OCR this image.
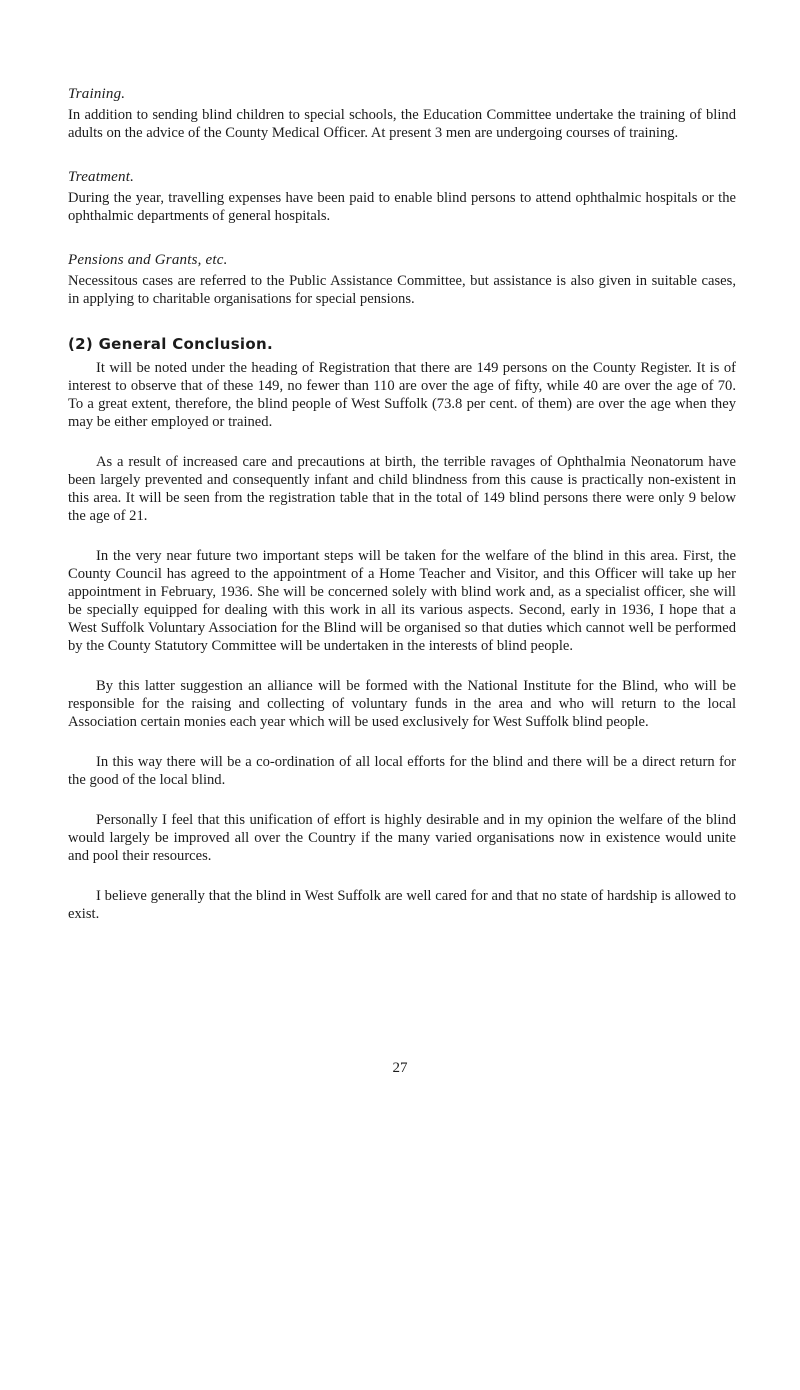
Training.

In addition to sending blind children to special schools, the Education Committee undertake the training of blind adults on the advice of the County Medical Officer. At present 3 men are undergoing courses of training.

Treatment.

During the year, travelling expenses have been paid to enable blind persons to attend ophthalmic hospitals or the ophthalmic departments of general hospitals.

Pensions and Grants, etc.

Necessitous cases are referred to the Public Assistance Committee, but assistance is also given in suitable cases, in applying to charitable organisations for special pensions.

(2) General Conclusion.

It will be noted under the heading of Registration that there are 149 persons on the County Register. It is of interest to observe that of these 149, no fewer than 110 are over the age of fifty, while 40 are over the age of 70. To a great extent, therefore, the blind people of West Suffolk (73.8 per cent. of them) are over the age when they may be either employed or trained.

As a result of increased care and precautions at birth, the terrible ravages of Ophthalmia Neonatorum have been largely prevented and consequently infant and child blindness from this cause is practically non-existent in this area. It will be seen from the registration table that in the total of 149 blind persons there were only 9 below the age of 21.

In the very near future two important steps will be taken for the welfare of the blind in this area. First, the County Council has agreed to the appointment of a Home Teacher and Visitor, and this Officer will take up her appointment in February, 1936. She will be concerned solely with blind work and, as a specialist officer, she will be specially equipped for dealing with this work in all its various aspects. Second, early in 1936, I hope that a West Suffolk Voluntary Association for the Blind will be organised so that duties which cannot well be performed by the County Statutory Committee will be undertaken in the interests of blind people.

By this latter suggestion an alliance will be formed with the National Institute for the Blind, who will be responsible for the raising and collecting of voluntary funds in the area and who will return to the local Association certain monies each year which will be used exclusively for West Suffolk blind people.

In this way there will be a co-ordination of all local efforts for the blind and there will be a direct return for the good of the local blind.

Personally I feel that this unification of effort is highly desirable and in my opinion the welfare of the blind would largely be improved all over the Country if the many varied organisations now in existence would unite and pool their resources.

I believe generally that the blind in West Suffolk are well cared for and that no state of hardship is allowed to exist.

27
